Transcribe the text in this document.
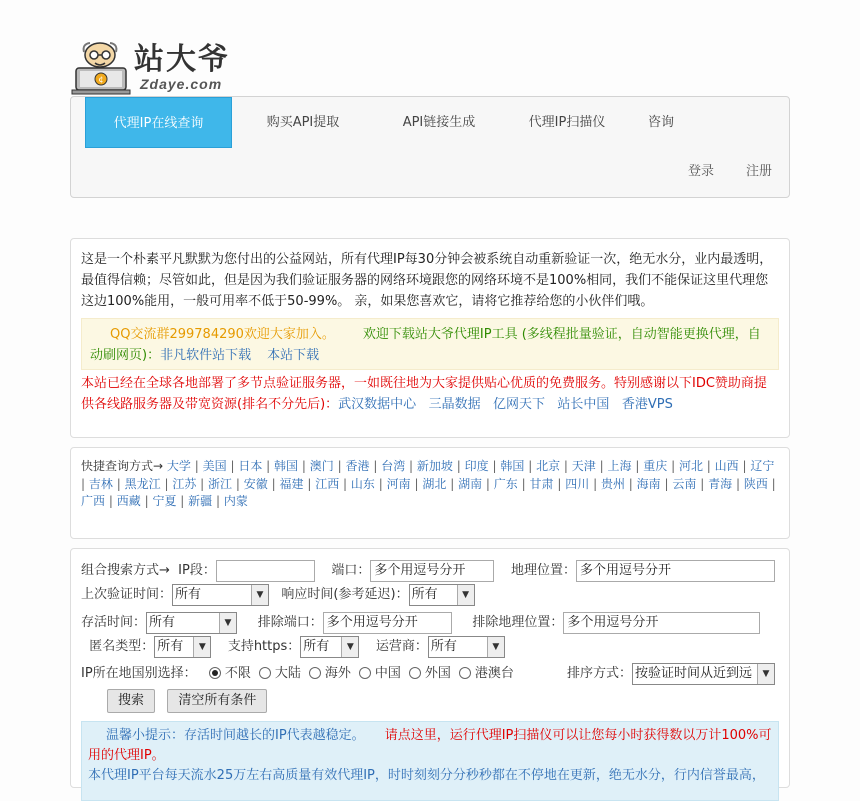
¢
站大爷
Zdaye.com
代理IP在线查询	购买API提取	API链接生成	代理IP扫描仪	咨询
登录 注册
这是一个朴素平凡默默为您付出的公益网站，所有代理IP每30分钟会被系统自动重新验证一次，绝无水分，业内最透明，最值得信赖；尽管如此，但是因为我们验证服务器的网络环境跟您的网络环境不是100%相同，我们不能保证这里代理您这边100%能用，一般可用率不低于50-99%。 亲，如果您喜欢它，请将它推荐给您的小伙伴们哦。
QQ交流群299784290欢迎大家加入。 欢迎下载站大爷代理IP工具 (多线程批量验证，自动智能更换代理，自动刷网页)：非凡软件站下载 本站下载
本站已经在全球各地部署了多节点验证服务器，一如既往地为大家提供贴心优质的免费服务。特别感谢以下IDC赞助商提供各线路服务器及带宽资源(排名不分先后)：武汉数据中心 三晶数据 亿网天下 站长中国 香港VPS
快捷查询方式→ 大学 | 美国 | 日本 | 韩国 | 澳门 | 香港 | 台湾 | 新加坡 | 印度 | 韩国 | 北京 | 天津 | 上海 | 重庆 | 河北 | 山西 | 辽宁 | 吉林 | 黑龙江 | 江苏 | 浙江 | 安徽 | 福建 | 江西 | 山东 | 河南 | 湖北 | 湖南 | 广东 | 甘肃 | 四川 | 贵州 | 海南 | 云南 | 青海 | 陕西 | 广西 | 西藏 | 宁夏 | 新疆 | 内蒙
组合搜索方式→ IP段：	端口： 多个用逗号分开	地理位置： 多个用逗号分开
上次验证时间： 所有	▼	响应时间(参考延迟)： 所有	▼
存活时间： 所有	▼	排除端口： 多个用逗号分开	排除地理位置： 多个用逗号分开
匿名类型： 所有	▼	支持https： 所有	▼	运营商： 所有	▼
IP所在地国别选择： 不限 大陆 海外 中国 外国 港澳台	排序方式： 按验证时间从近到远	▼
搜索	清空所有条件
温馨小提示：存活时间越长的IP代表越稳定。 请点这里，运行代理IP扫描仪可以让您每小时获得数以万计100%可用的代理IP。
本代理IP平台每天流水25万左右高质量有效代理IP，时时刻刻分分秒秒都在不停地在更新，绝无水分，行内信誉最高，
